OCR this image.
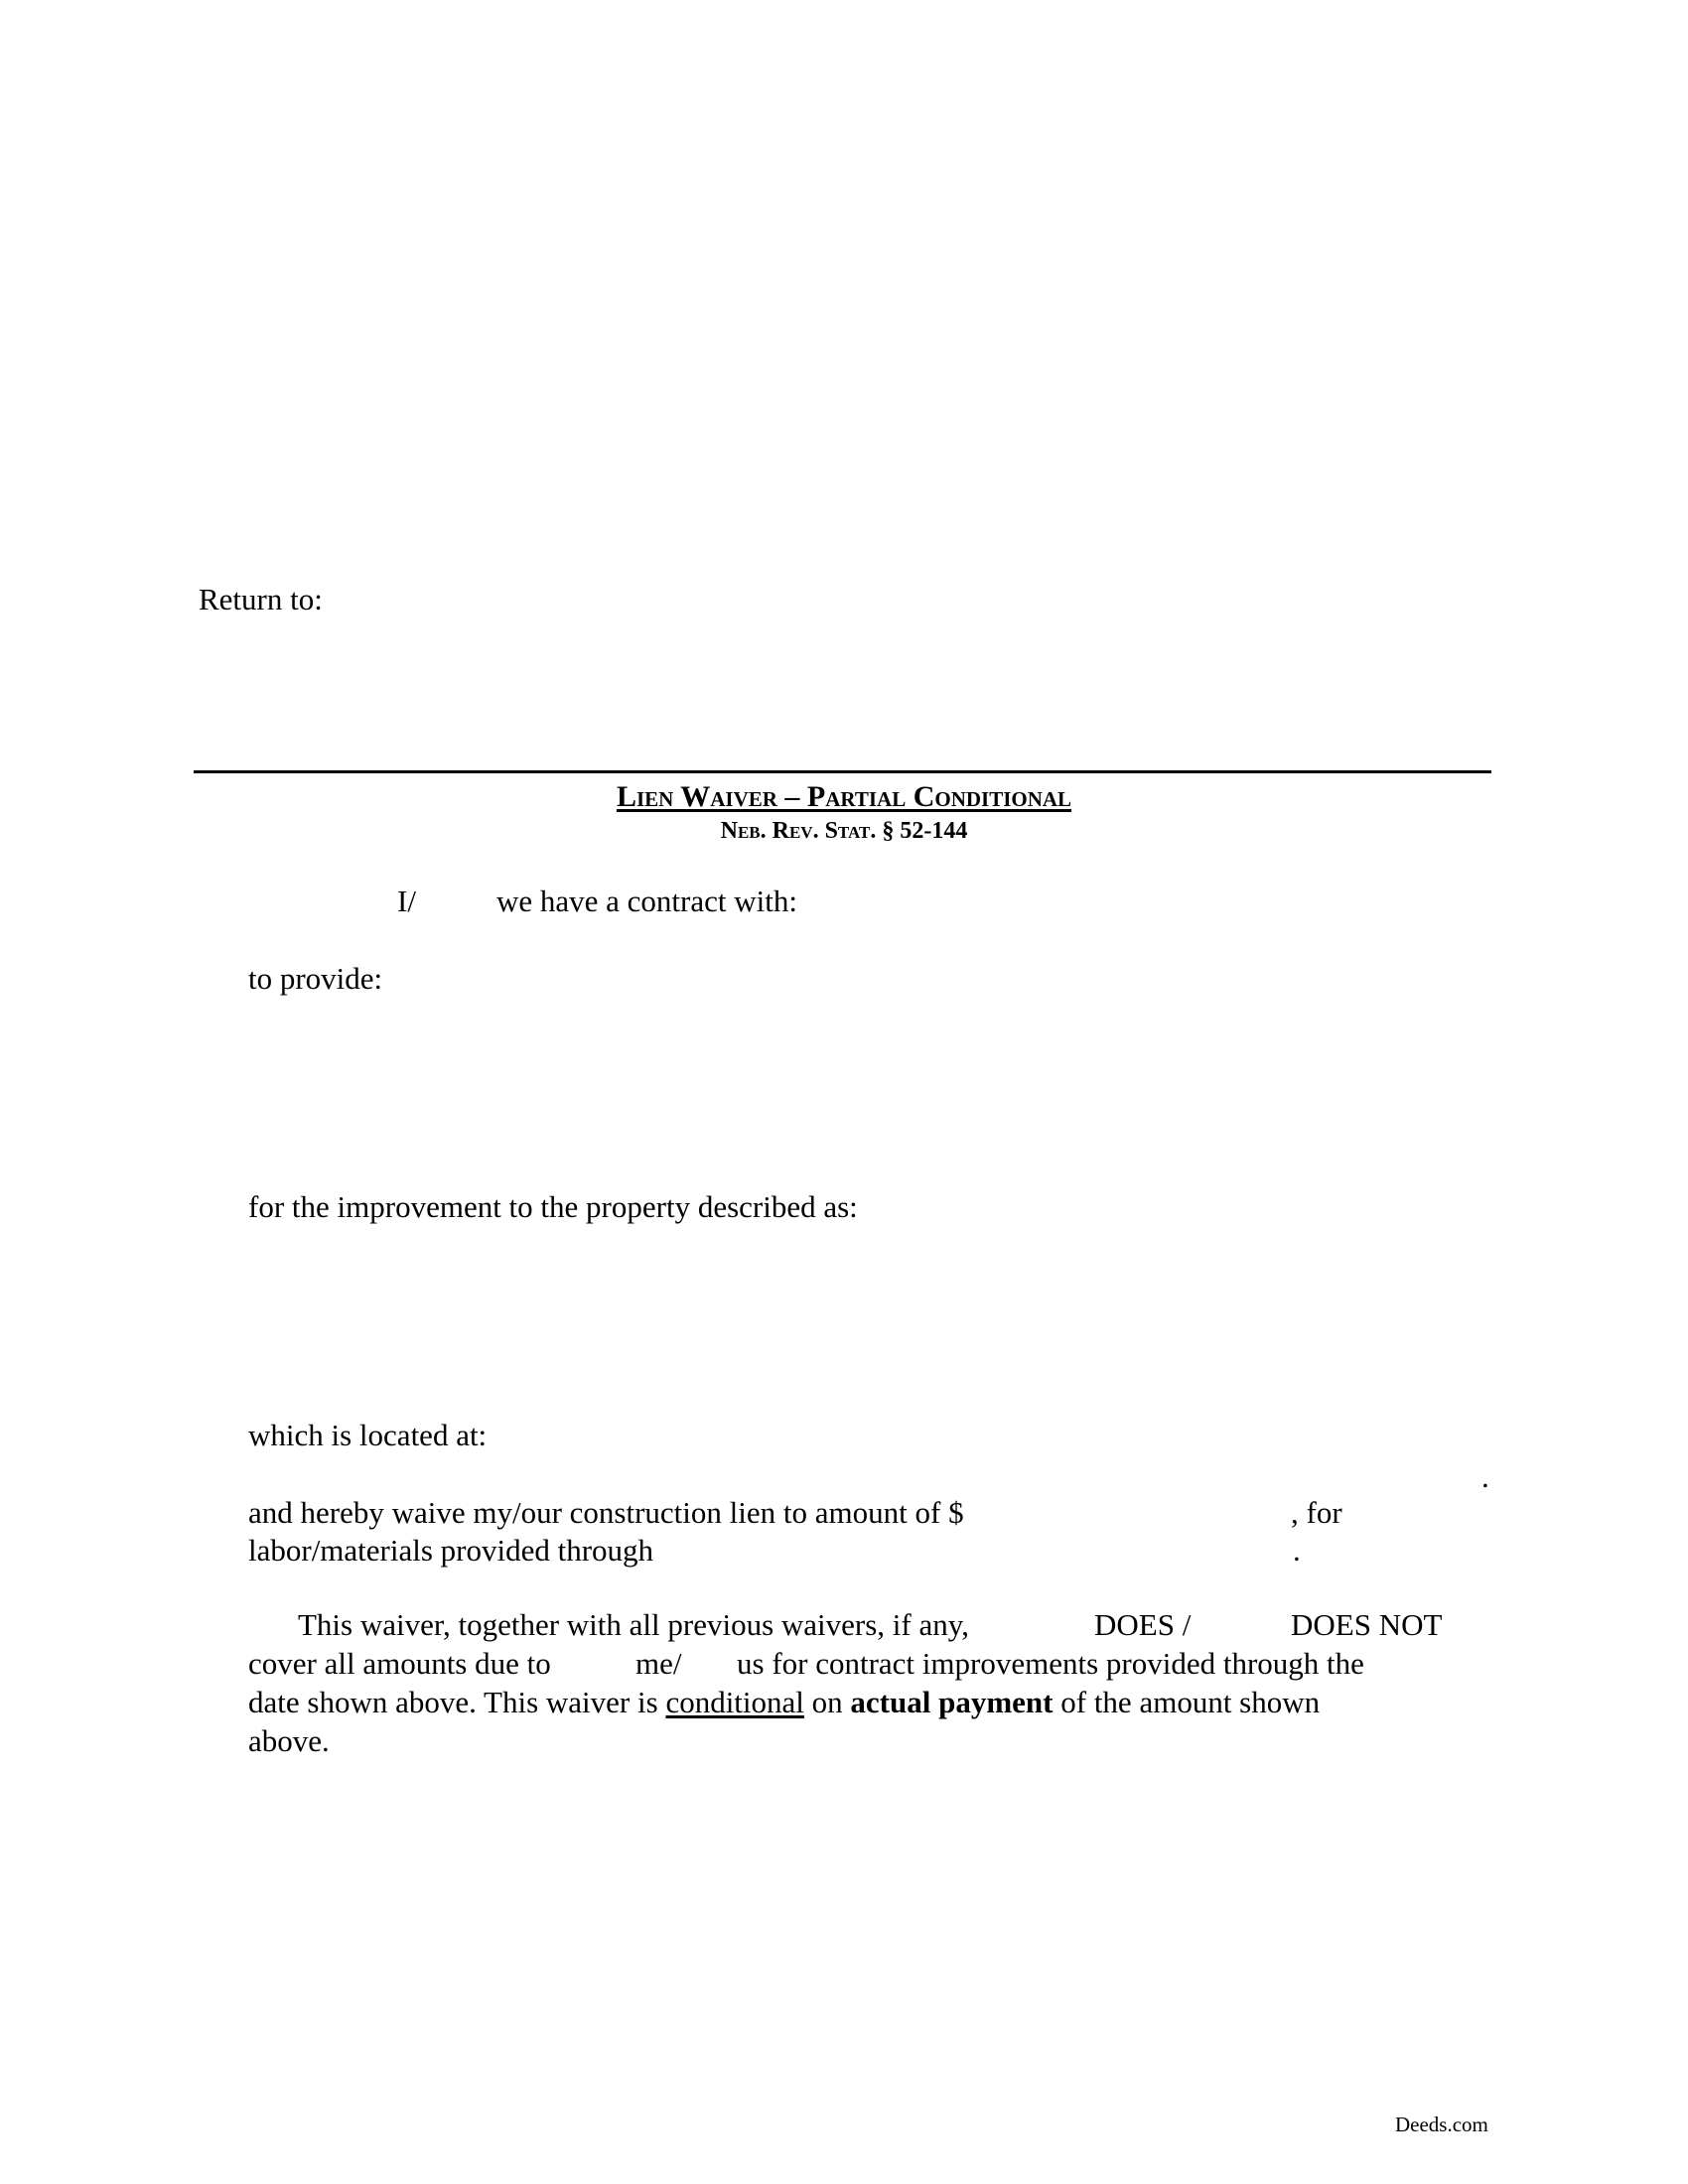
Return to:
Lien Waiver – Partial Conditional
Neb. Rev. Stat. § 52-144
I/	we have a contract with:
to provide:
for the improvement to the property described as:
which is located at:
.
and hereby waive my/our construction lien to amount of $	, for
labor/materials provided through	.
This waiver, together with all previous waivers, if any,	DOES /	DOES NOT
cover all amounts due to	me/ us for contract improvements provided through the
date shown above. This waiver is conditional on actual payment of the amount shown
above.
Deeds.com
